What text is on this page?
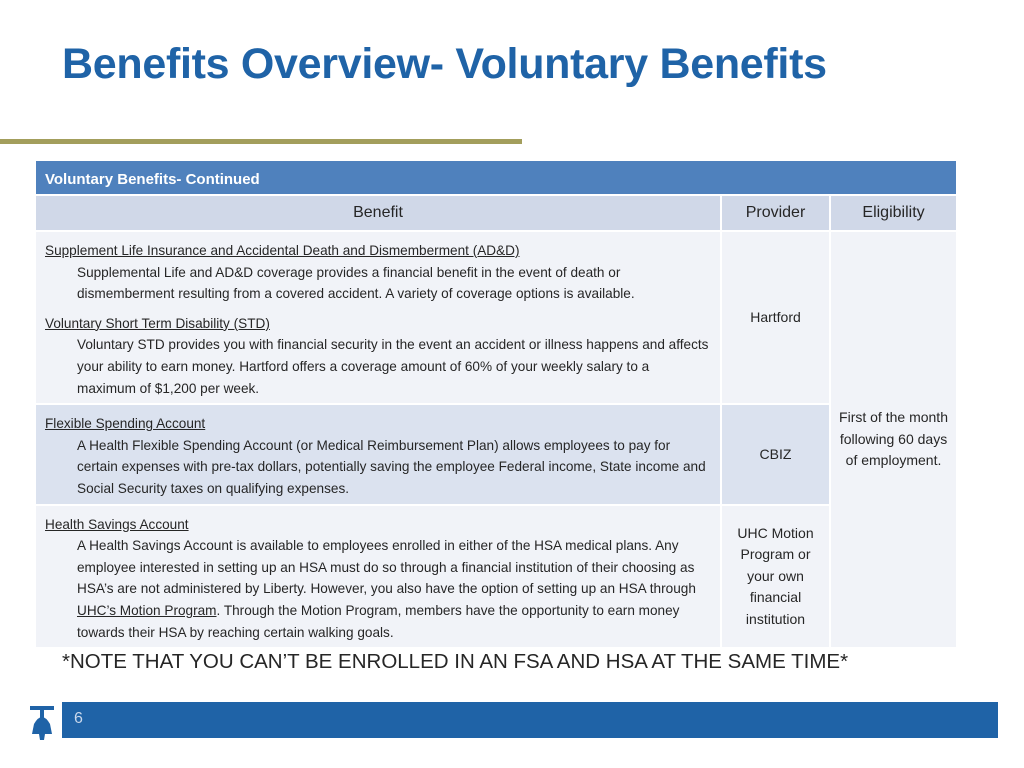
Benefits Overview- Voluntary Benefits
Voluntary Benefits- Continued		
Benefit	Provider	Eligibility

Supplement Life Insurance and Accidental Death and Dismemberment (AD&D)
Supplemental Life and AD&D coverage provides a financial benefit in the event of death or dismemberment resulting from a covered accident. A variety of coverage options is available.
Voluntary Short Term Disability (STD)
Voluntary STD provides you with financial security in the event an accident or illness happens and affects your ability to earn money. Hartford offers a coverage amount of 60% of your weekly salary to a maximum of $1,200 per week.	Hartford	First of the month following 60 days of employment.

Flexible Spending Account
A Health Flexible Spending Account (or Medical Reimbursement Plan) allows employees to pay for certain expenses with pre-tax dollars, potentially saving the employee Federal income, State income and Social Security taxes on qualifying expenses.	CBIZ	

Health Savings Account
A Health Savings Account is available to employees enrolled in either of the HSA medical plans. Any employee interested in setting up an HSA must do so through a financial institution of their choosing as HSA’s are not administered by Liberty. However, you also have the option of setting up an HSA through UHC’s Motion Program. Through the Motion Program, members have the opportunity to earn money towards their HSA by reaching certain walking goals.	UHC Motion Program or your own financial institution	
*NOTE THAT YOU CAN’T BE ENROLLED IN AN FSA AND HSA AT THE SAME TIME*
6
